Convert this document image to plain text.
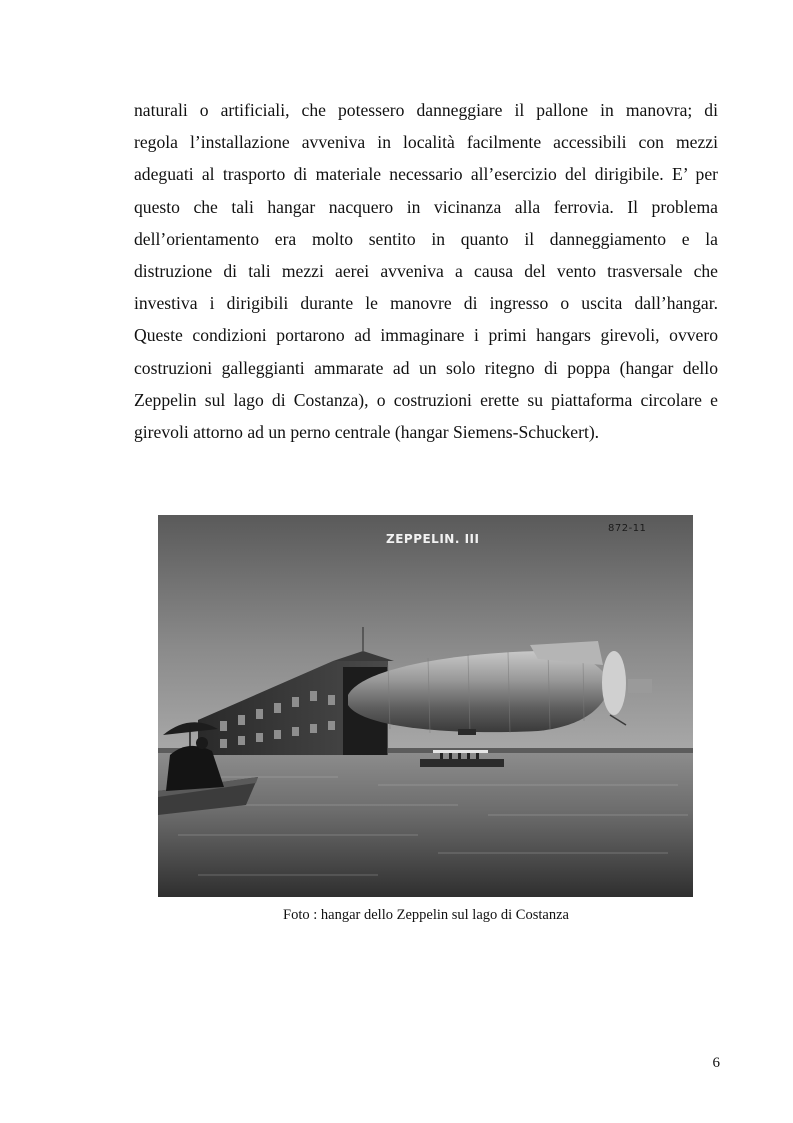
naturali o artificiali, che potessero danneggiare il pallone in manovra; di
regola l’installazione avveniva in località facilmente accessibili con mezzi
adeguati al trasporto di materiale necessario all’esercizio del dirigibile. E’ per
questo che tali hangar nacquero in vicinanza alla ferrovia. Il problema
dell’orientamento era molto sentito in quanto il danneggiamento e la
distruzione di tali mezzi aerei avveniva a causa del vento trasversale che
investiva i dirigibili durante le manovre di ingresso o uscita dall’hangar.
Queste condizioni portarono ad immaginare i primi hangars girevoli, ovvero
costruzioni galleggianti ammarate ad un solo ritegno di poppa (hangar dello
Zeppelin sul lago di Costanza), o costruzioni erette su piattaforma circolare e
girevoli attorno ad un perno centrale (hangar Siemens-Schuckert).
ZEPPELIN. III
872-11

Foto : hangar dello Zeppelin sul lago di Costanza

6
